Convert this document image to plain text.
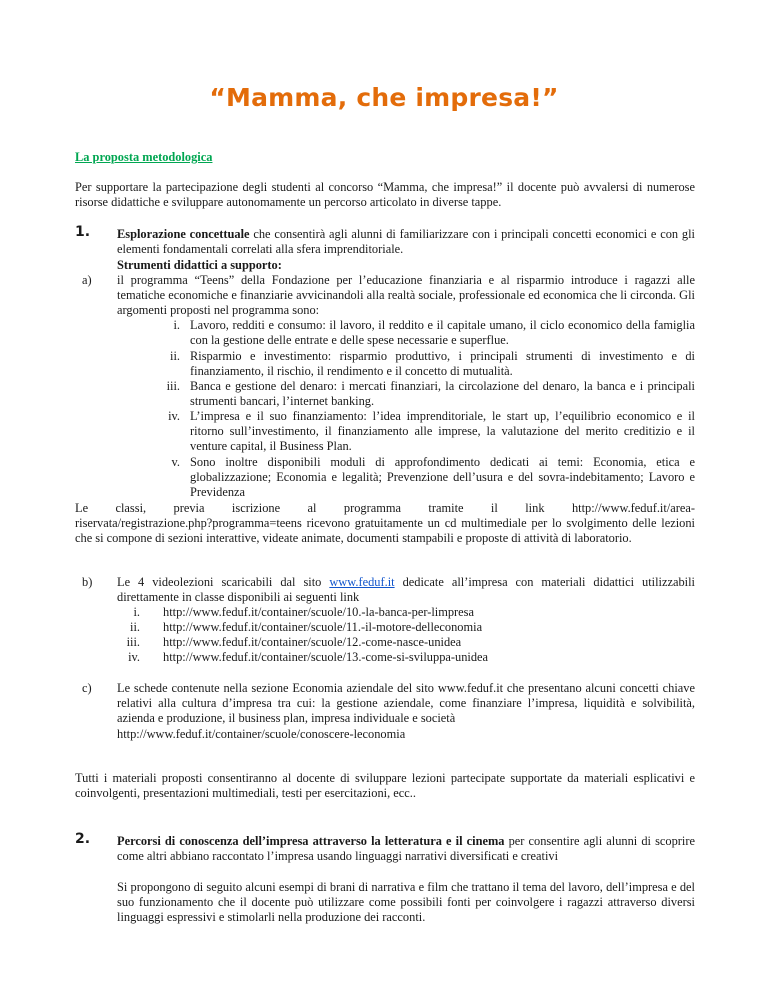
“Mamma, che impresa!”
La proposta metodologica
Per supportare la partecipazione degli studenti al concorso “Mamma, che impresa!” il docente può avvalersi di numerose risorse didattiche e sviluppare autonomamente un percorso articolato in diverse tappe.
1. Esplorazione concettuale che consentirà agli alunni di familiarizzare con i principali concetti economici e con gli elementi fondamentali correlati alla sfera imprenditoriale.
Strumenti didattici a supporto:
a) il programma “Teens” della Fondazione per l’educazione finanziaria e al risparmio introduce i ragazzi alle tematiche economiche e finanziarie avvicinandoli alla realtà sociale, professionale ed economica che li circonda. Gli argomenti proposti nel programma sono:
i. Lavoro, redditi e consumo: il lavoro, il reddito e il capitale umano, il ciclo economico della famiglia con la gestione delle entrate e delle spese necessarie e superflue.
ii. Risparmio e investimento: risparmio produttivo, i principali strumenti di investimento e di finanziamento, il rischio, il rendimento e il concetto di mutualità.
iii. Banca e gestione del denaro: i mercati finanziari, la circolazione del denaro, la banca e i principali strumenti bancari, l’internet banking.
iv. L’impresa e il suo finanziamento: l’idea imprenditoriale, le start up, l’equilibrio economico e il ritorno sull’investimento, il finanziamento alle imprese, la valutazione del merito creditizio e il venture capital, il Business Plan.
v. Sono inoltre disponibili moduli di approfondimento dedicati ai temi: Economia, etica e globalizzazione; Economia e legalità; Prevenzione dell’usura e del sovra-indebitamento; Lavoro e Previdenza
Le classi, previa iscrizione al programma tramite il link http://www.feduf.it/area-
riservata/registrazione.php?programma=teens ricevono gratuitamente un cd multimediale per lo svolgimento delle lezioni che si compone di sezioni interattive, videate animate, documenti stampabili e proposte di attività di laboratorio.
b) Le 4 videolezioni scaricabili dal sito www.feduf.it dedicate all’impresa con materiali didattici utilizzabili direttamente in classe disponibili ai seguenti link
i. http://www.feduf.it/container/scuole/10.-la-banca-per-limpresa
ii. http://www.feduf.it/container/scuole/11.-il-motore-delleconomia
iii. http://www.feduf.it/container/scuole/12.-come-nasce-unidea
iv. http://www.feduf.it/container/scuole/13.-come-si-sviluppa-unidea
c) Le schede contenute nella sezione Economia aziendale del sito www.feduf.it che presentano alcuni concetti chiave relativi alla cultura d’impresa tra cui: la gestione aziendale, come finanziare l’impresa, liquidità e solvibilità, azienda e produzione, il business plan, impresa individuale e società
http://www.feduf.it/container/scuole/conoscere-leconomia
Tutti i materiali proposti consentiranno al docente di sviluppare lezioni partecipate supportate da materiali esplicativi e coinvolgenti, presentazioni multimediali, testi per esercitazioni, ecc..
2. Percorsi di conoscenza dell’impresa attraverso la letteratura e il cinema per consentire agli alunni di scoprire come altri abbiano raccontato l’impresa usando linguaggi narrativi diversificati e creativi
Si propongono di seguito alcuni esempi di brani di narrativa e film che trattano il tema del lavoro, dell’impresa e del suo funzionamento che il docente può utilizzare come possibili fonti per coinvolgere i ragazzi attraverso diversi linguaggi espressivi e stimolarli nella produzione dei racconti.
